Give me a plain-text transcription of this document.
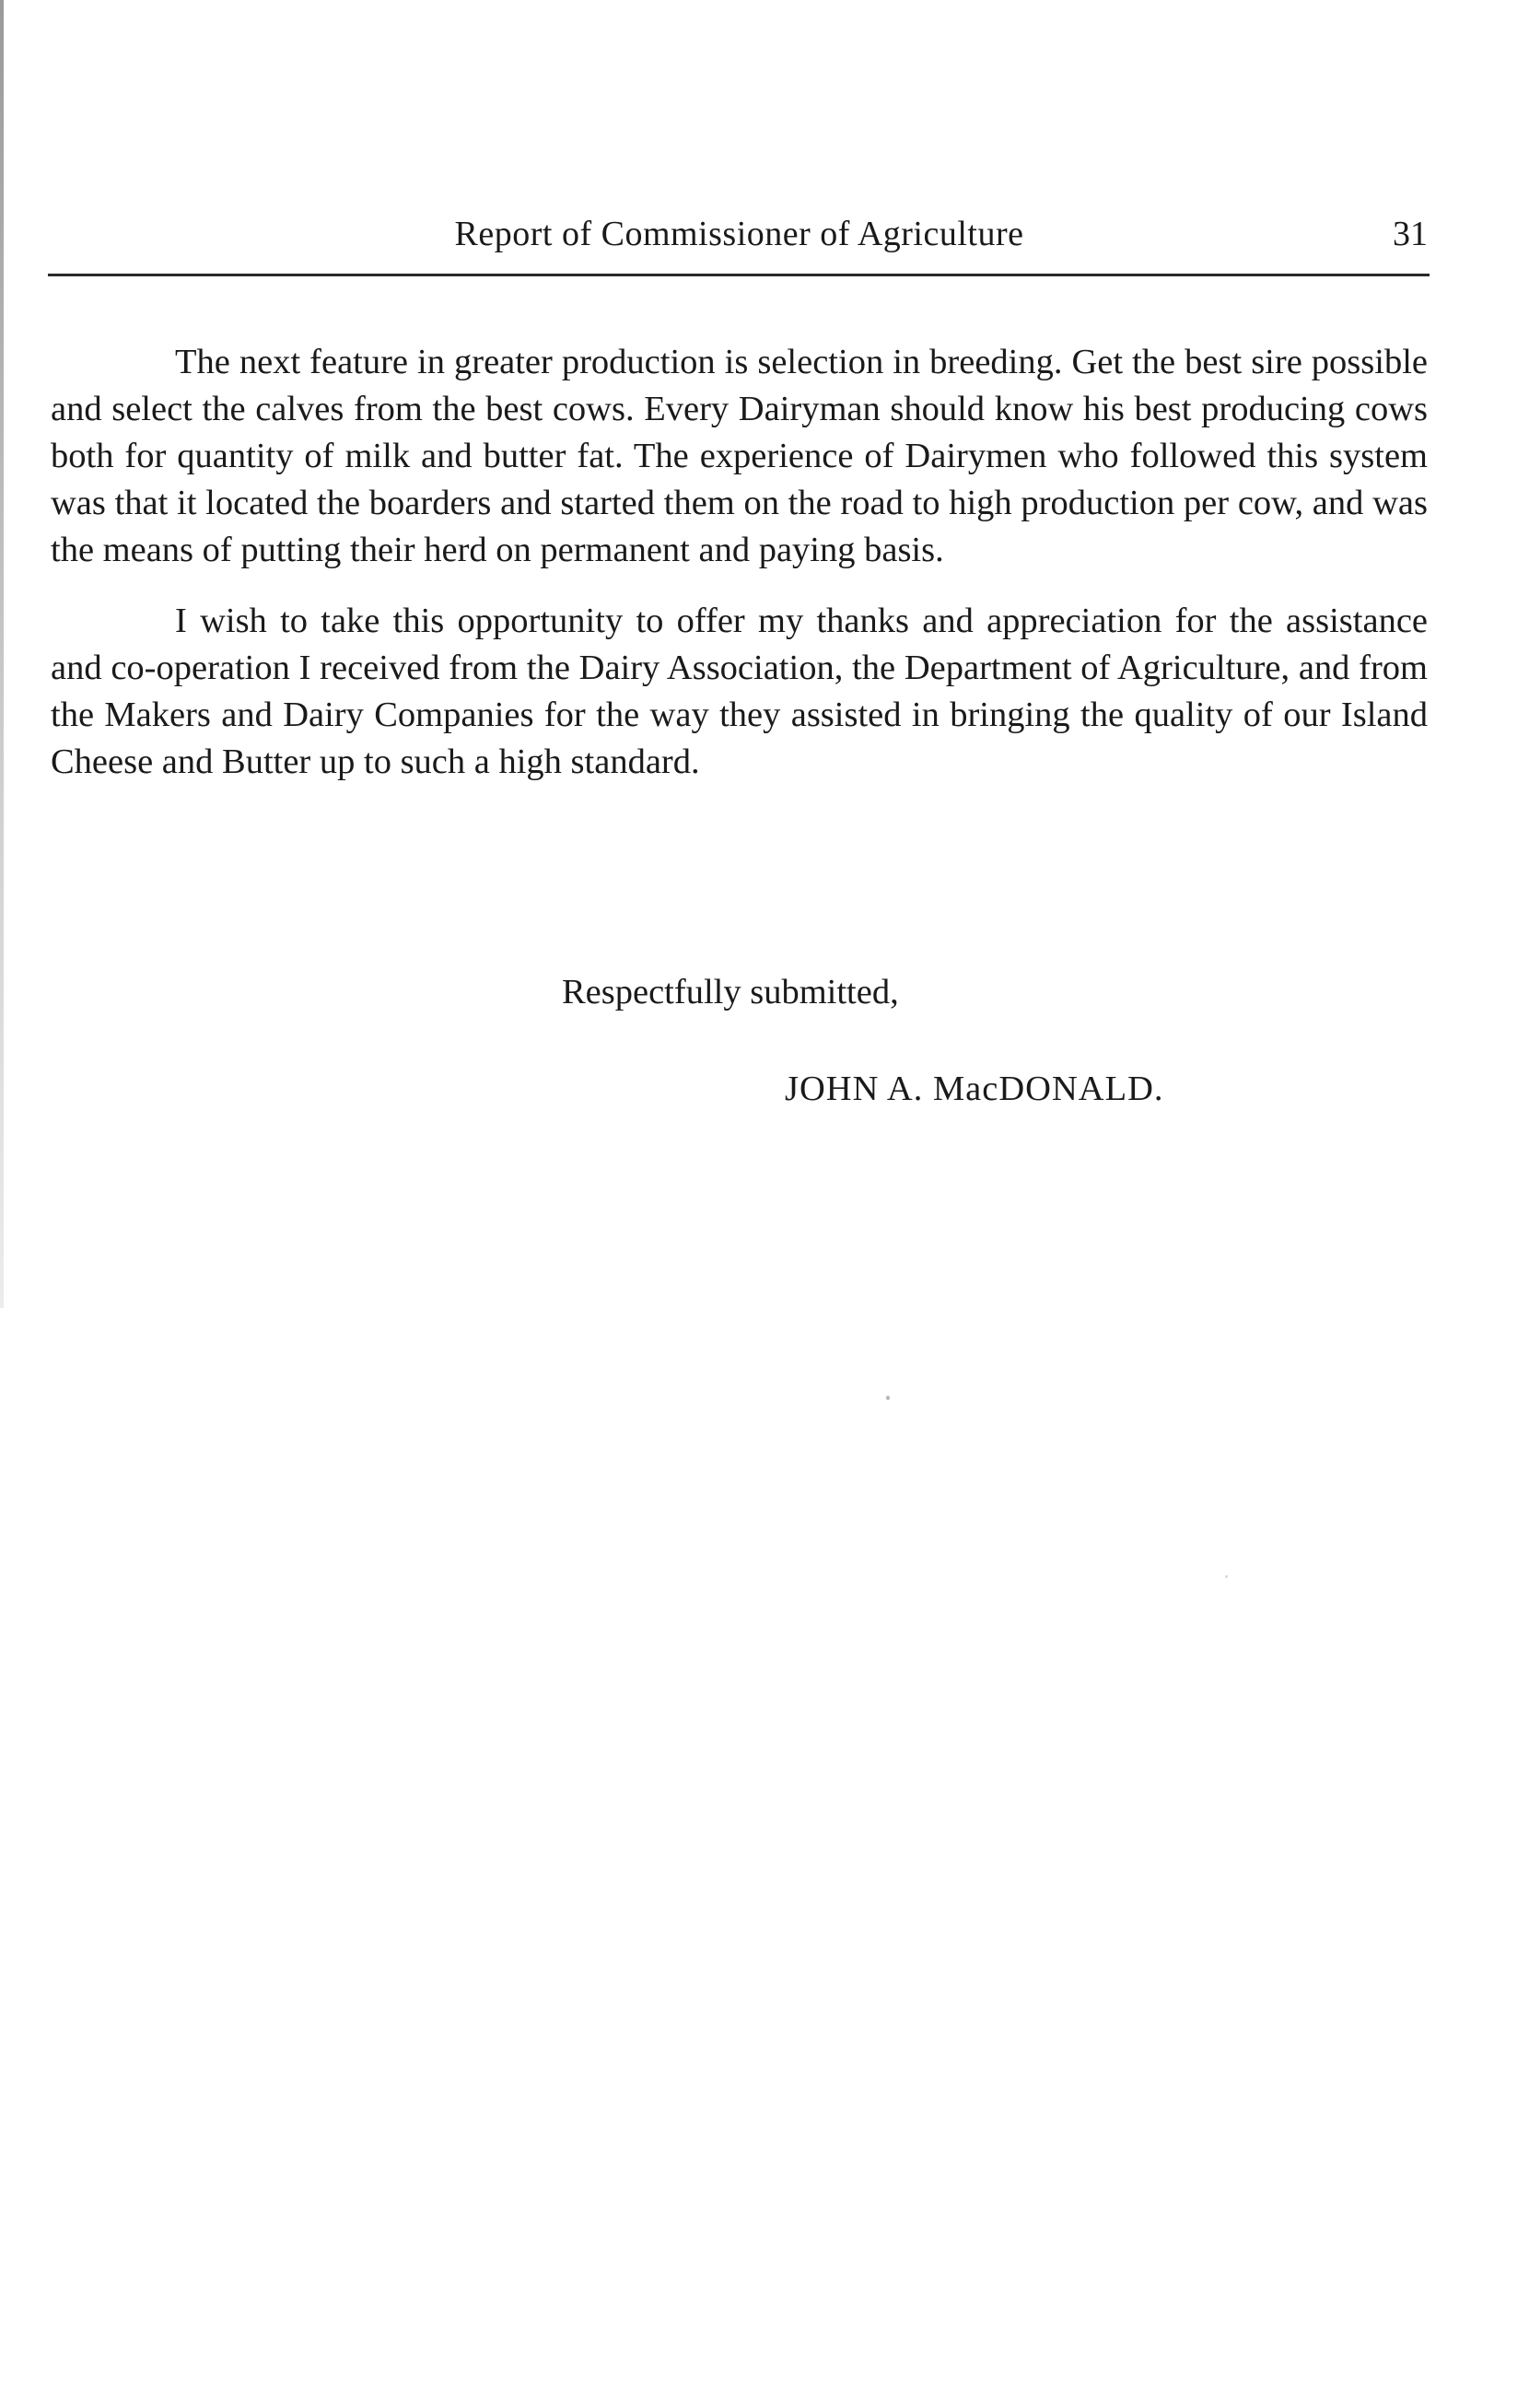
Report of Commissioner of Agriculture	31

The next feature in greater production is selection in breeding. Get the best sire possible and select the calves from the best cows. Every Dairyman should know his best producing cows both for quantity of milk and butter fat. The experience of Dairymen who followed this system was that it located the boarders and started them on the road to high production per cow, and was the means of putting their herd on permanent and paying basis.

I wish to take this opportunity to offer my thanks and appreciation for the assistance and co-operation I received from the Dairy Association, the Department of Agriculture, and from the Makers and Dairy Companies for the way they assisted in bringing the quality of our Island Cheese and Butter up to such a high standard.

Respectfully submitted,
JOHN A. MacDONALD.
